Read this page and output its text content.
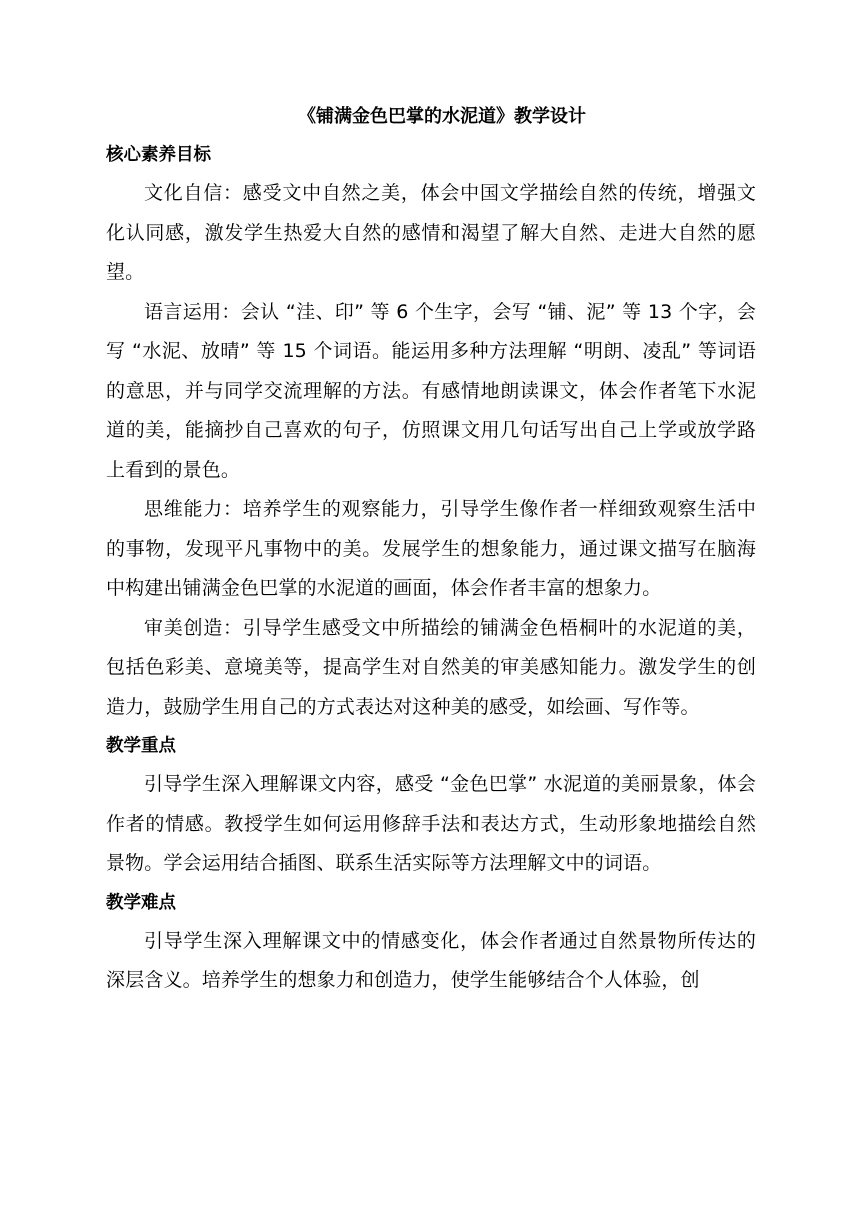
《铺满金色巴掌的水泥道》教学设计
核心素养目标

文化自信：感受文中自然之美，体会中国文学描绘自然的传统，增强文化认同感，激发学生热爱大自然的感情和渴望了解大自然、走进大自然的愿望。

语言运用：会认 “洼、印” 等 6 个生字，会写 “铺、泥” 等 13 个字，会写 “水泥、放晴” 等 15 个词语。能运用多种方法理解 “明朗、凌乱” 等词语的意思，并与同学交流理解的方法。有感情地朗读课文，体会作者笔下水泥道的美，能摘抄自己喜欢的句子，仿照课文用几句话写出自己上学或放学路上看到的景色。

思维能力：培养学生的观察能力，引导学生像作者一样细致观察生活中的事物，发现平凡事物中的美。发展学生的想象能力，通过课文描写在脑海中构建出铺满金色巴掌的水泥道的画面，体会作者丰富的想象力。

审美创造：引导学生感受文中所描绘的铺满金色梧桐叶的水泥道的美，包括色彩美、意境美等，提高学生对自然美的审美感知能力。激发学生的创造力，鼓励学生用自己的方式表达对这种美的感受，如绘画、写作等。

教学重点

引导学生深入理解课文内容，感受 “金色巴掌” 水泥道的美丽景象，体会作者的情感。教授学生如何运用修辞手法和表达方式，生动形象地描绘自然景物。学会运用结合插图、联系生活实际等方法理解文中的词语。

教学难点

引导学生深入理解课文中的情感变化，体会作者通过自然景物所传达的深层含义。培养学生的想象力和创造力，使学生能够结合个人体验，创
